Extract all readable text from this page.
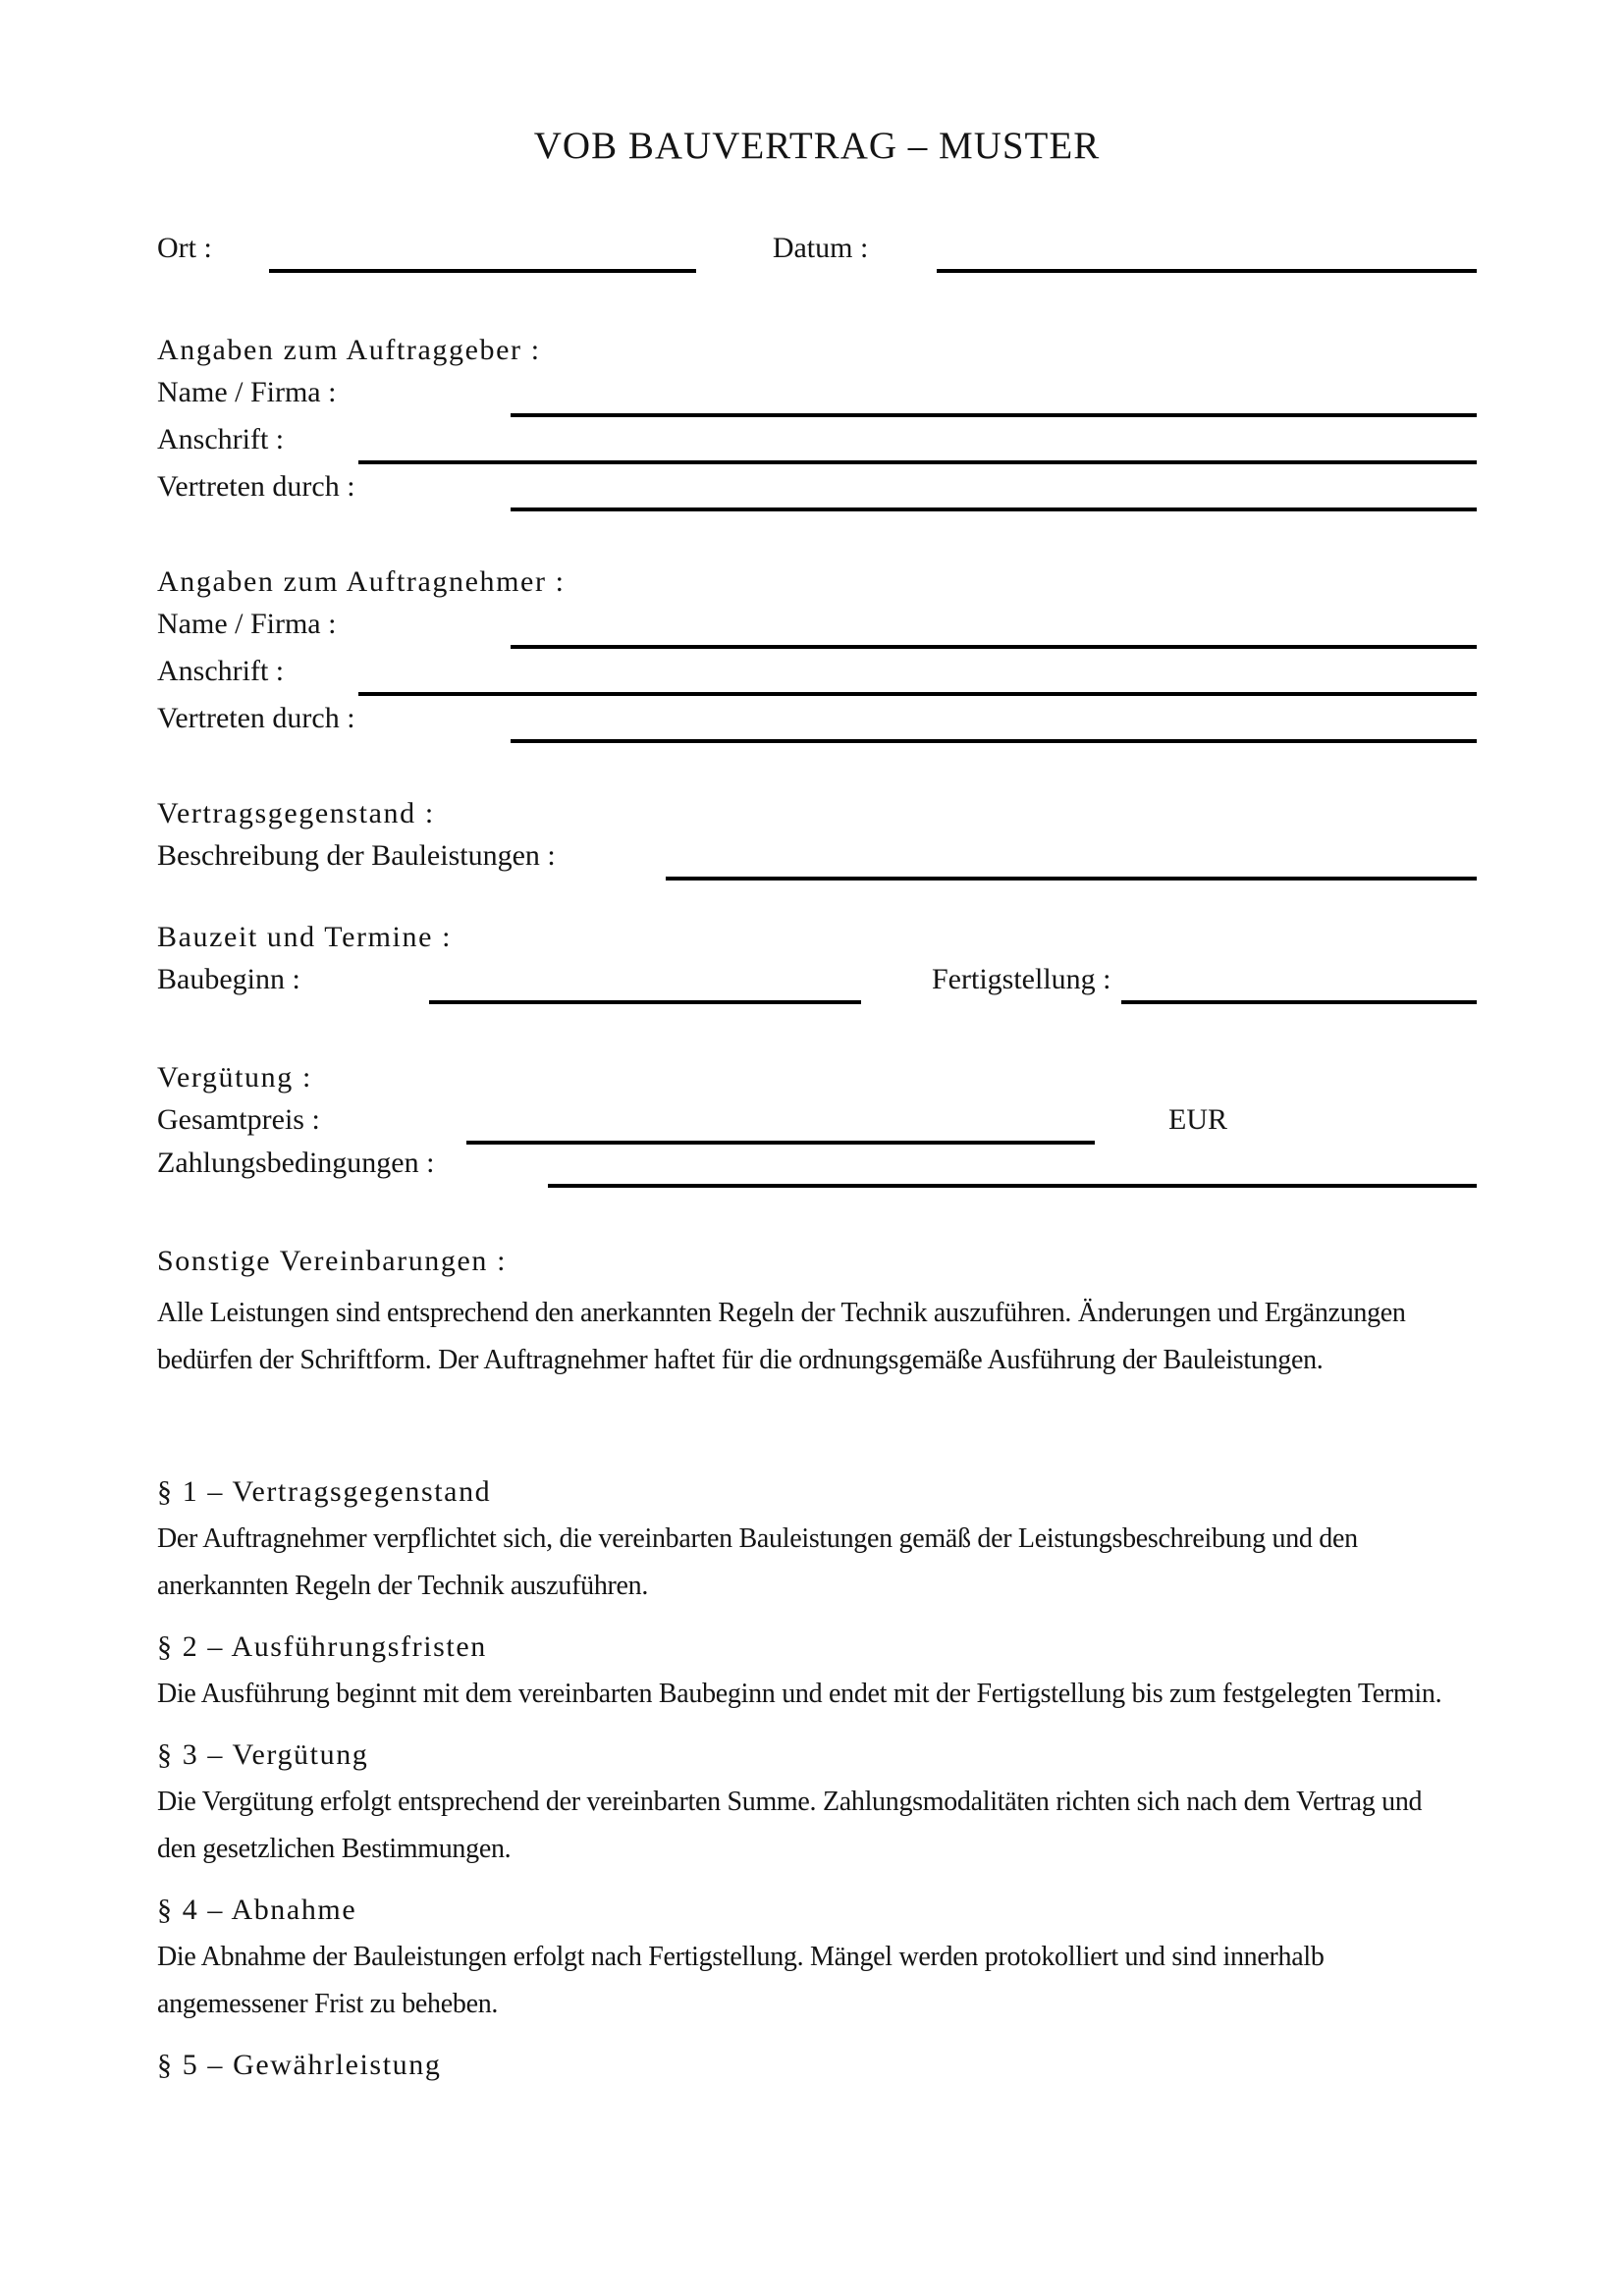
VOB BAUVERTRAG – MUSTER
Ort :	Datum :
Angaben zum Auftraggeber :
Name / Firma :
Anschrift :
Vertreten durch :
Angaben zum Auftragnehmer :
Name / Firma :
Anschrift :
Vertreten durch :
Vertragsgegenstand :
Beschreibung der Bauleistungen :
Bauzeit und Termine :
Baubeginn :	Fertigstellung :
Vergütung :
Gesamtpreis :	EUR
Zahlungsbedingungen :
Sonstige Vereinbarungen :

Alle Leistungen sind entsprechend den anerkannten Regeln der Technik auszuführen. Änderungen und Ergänzungen bedürfen der Schriftform. Der Auftragnehmer haftet für die ordnungsgemäße Ausführung der Bauleistungen.

§ 1 – Vertragsgegenstand

Der Auftragnehmer verpflichtet sich, die vereinbarten Bauleistungen gemäß der Leistungsbeschreibung und den anerkannten Regeln der Technik auszuführen.

§ 2 – Ausführungsfristen

Die Ausführung beginnt mit dem vereinbarten Baubeginn und endet mit der Fertigstellung bis zum festgelegten Termin.

§ 3 – Vergütung

Die Vergütung erfolgt entsprechend der vereinbarten Summe. Zahlungsmodalitäten richten sich nach dem Vertrag und den gesetzlichen Bestimmungen.

§ 4 – Abnahme

Die Abnahme der Bauleistungen erfolgt nach Fertigstellung. Mängel werden protokolliert und sind innerhalb angemessener Frist zu beheben.

§ 5 – Gewährleistung
